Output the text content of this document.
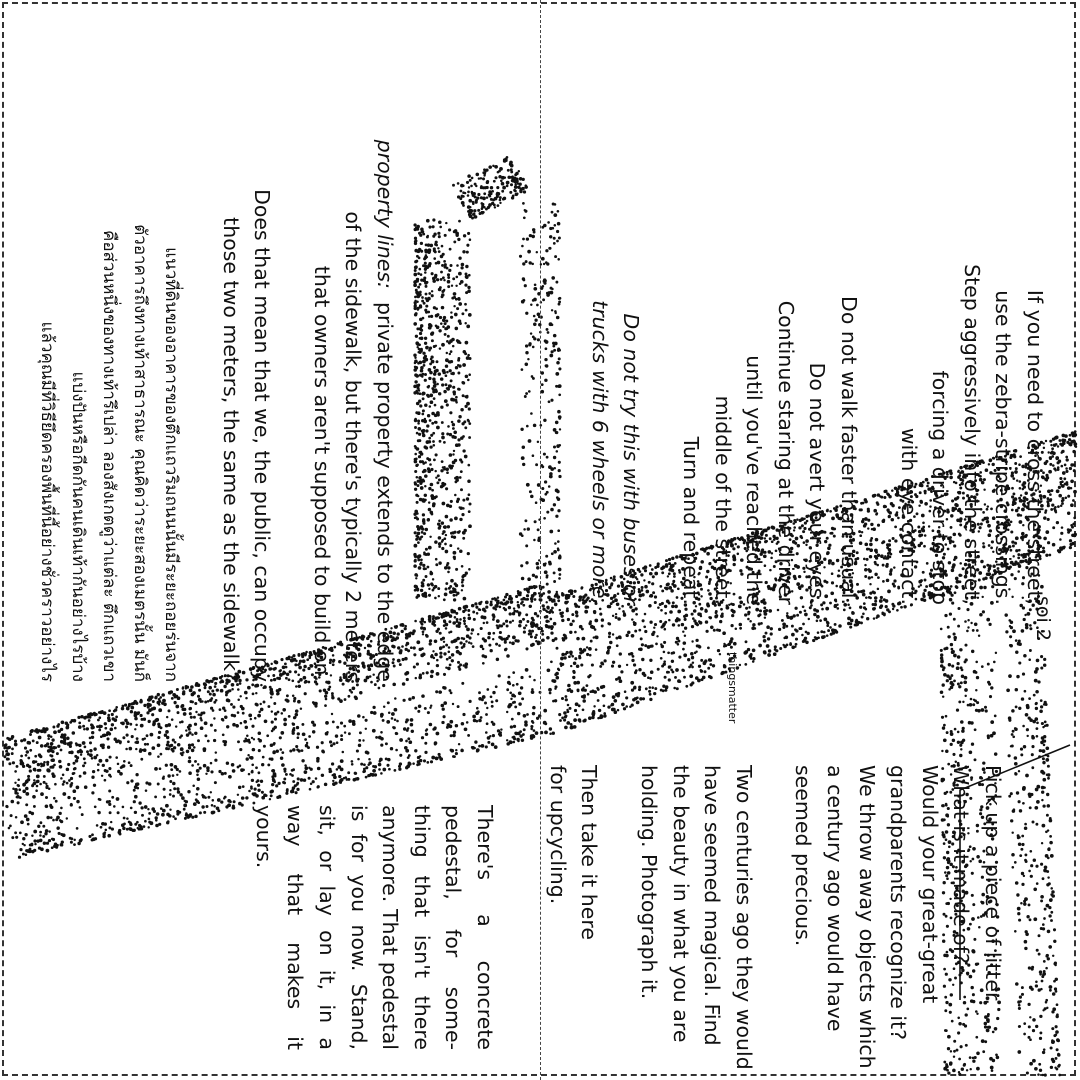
property lines:  private property extends to the edge
of the sidewalk, but there's typically 2 meters
that owners aren't supposed to build on.
Does that mean that we, the public, can occupy
those two meters, the same as the sidewalk?
แนวที่ดินของอาคารของตึกแถวริมถนนนั้นมีระยะถอยร่นจาก
ตัวอาคารถึงทางเท้าสาธารณะ คุณคิดว่าระยะสองเมตรนั้น มันก็
คือส่วนหนึ่งของทางเท้ารึเปล่า ลองสังเกตดูว่าแต่ละ ตึกแถวเขา
แบ่งปันหรือกีดกันคนเดินเท้ากันอย่างไรบ้าง
แล้วคุณมีที่วิธียึดครองพื้นที่นี้อย่างชั่วคราวอย่างไร	If you need to cross the street,
use the zebra-stripe crossings.
Step aggressively into the street,
forcing a driver to stop
with eye contact.
Do not walk faster than usual.
Do not avert your eyes.
Continue staring at the driver
until you've reached the
middle of the street.
Turn and repeat.
Do not try this with buses or
trucks with 6 wheels or more.
There's a concrete pedestal, for some-thing that isn't there anymore. That pedestal is for you now. Stand, sit, or lay on it, in a way that makes it yours.	Pick up a piece of litter.
What is it made of?
Would your great-great
grandparents recognize it?
We throw away objects which
a century ago would have
seemed precious.
Two centuries ago they would
have seemed magical. Find
the beauty in what you are
holding. Photograph it.
Then take it here
for upcycling.
thingsmatter
soi 2
